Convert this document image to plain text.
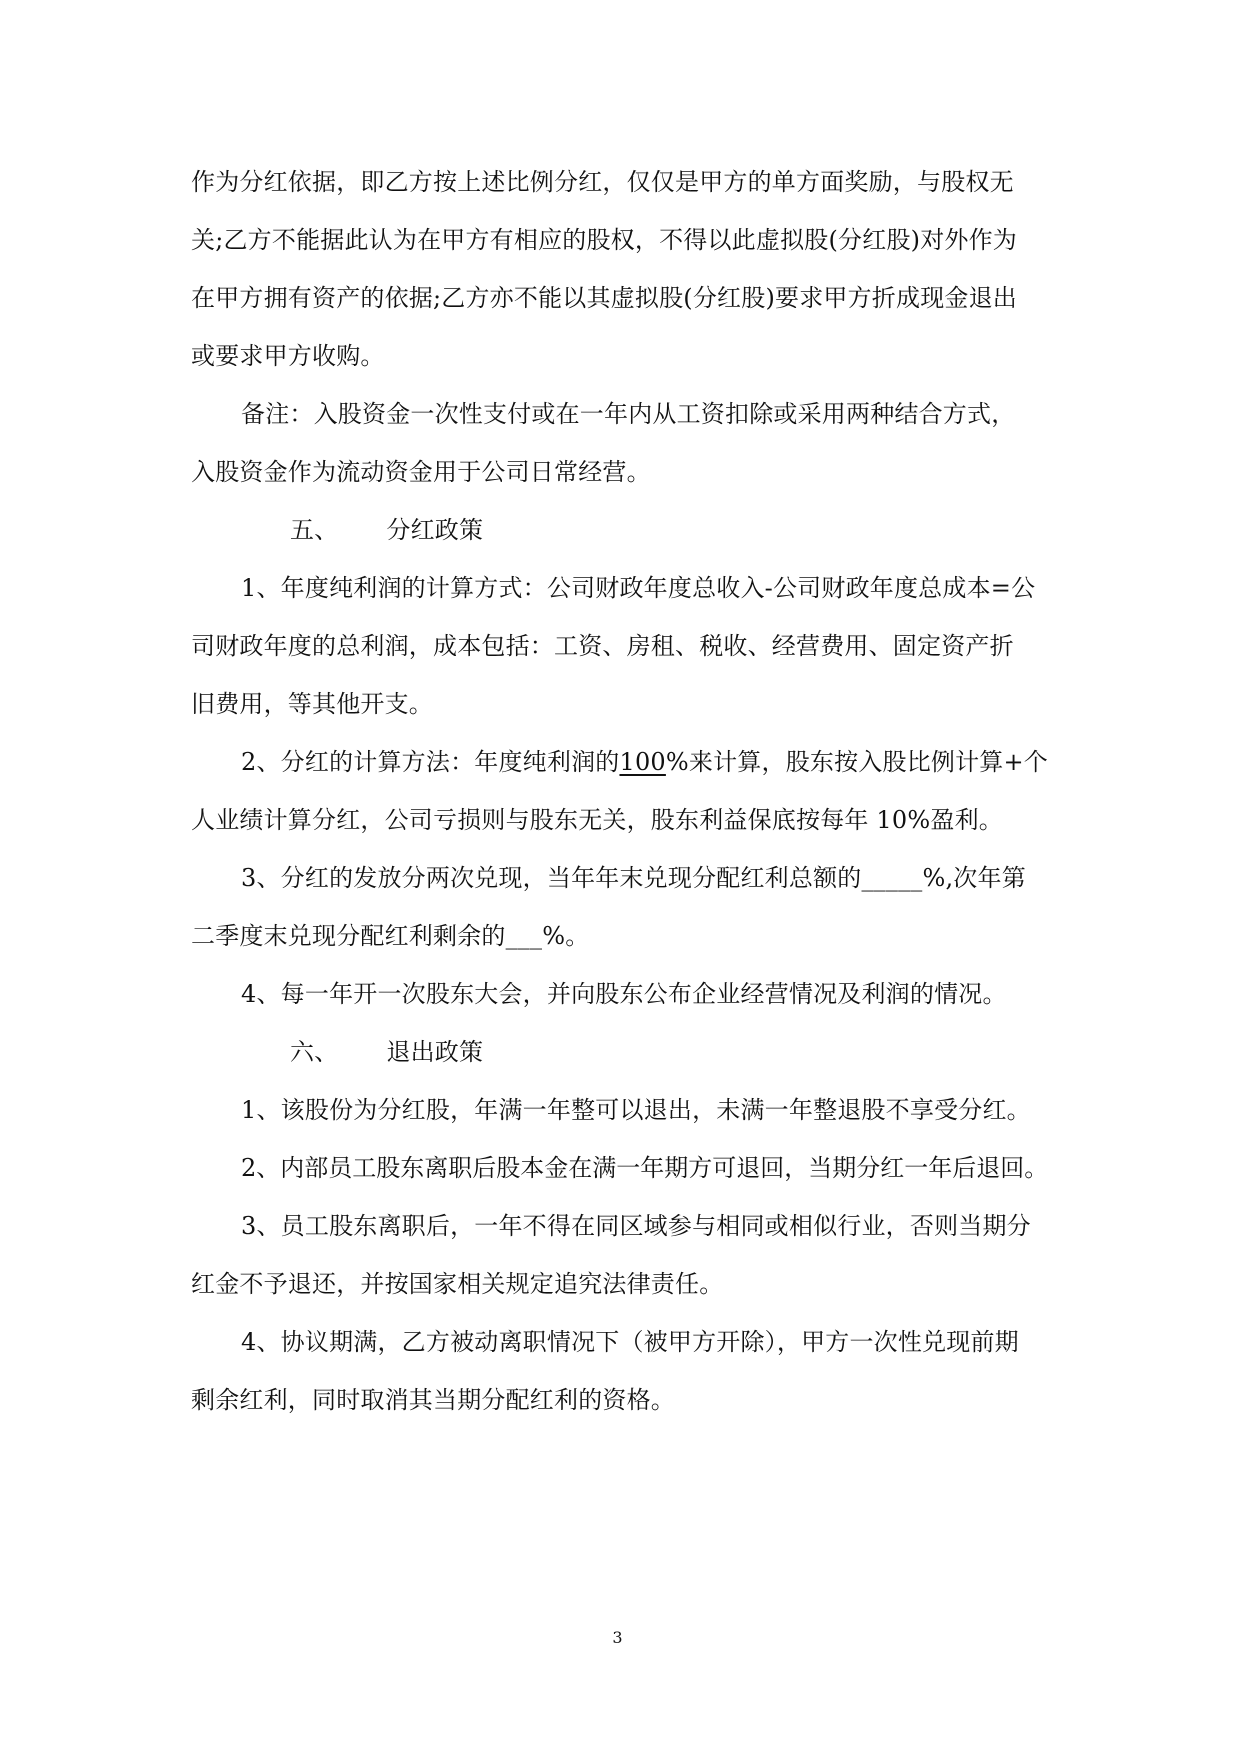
作为分红依据，即乙方按上述比例分红，仅仅是甲方的单方面奖励，与股权无
关;乙方不能据此认为在甲方有相应的股权，不得以此虚拟股(分红股)对外作为
在甲方拥有资产的依据;乙方亦不能以其虚拟股(分红股)要求甲方折成现金退出
或要求甲方收购。
备注：入股资金一次性支付或在一年内从工资扣除或采用两种结合方式，
入股资金作为流动资金用于公司日常经营。
五、 分红政策
1、年度纯利润的计算方式：公司财政年度总收入-公司财政年度总成本=公
司财政年度的总利润，成本包括：工资、房租、税收、经营费用、固定资产折
旧费用，等其他开支。
2、分红的计算方法：年度纯利润的100%来计算，股东按入股比例计算+个
人业绩计算分红，公司亏损则与股东无关，股东利益保底按每年 10%盈利。
3、分红的发放分两次兑现，当年年末兑现分配红利总额的_____%,次年第
二季度末兑现分配红利剩余的___%。
4、每一年开一次股东大会，并向股东公布企业经营情况及利润的情况。
六、 退出政策
1、该股份为分红股，年满一年整可以退出，未满一年整退股不享受分红。
2、内部员工股东离职后股本金在满一年期方可退回，当期分红一年后退回。
3、员工股东离职后，一年不得在同区域参与相同或相似行业，否则当期分
红金不予退还，并按国家相关规定追究法律责任。
4、协议期满，乙方被动离职情况下（被甲方开除），甲方一次性兑现前期
剩余红利，同时取消其当期分配红利的资格。
3
